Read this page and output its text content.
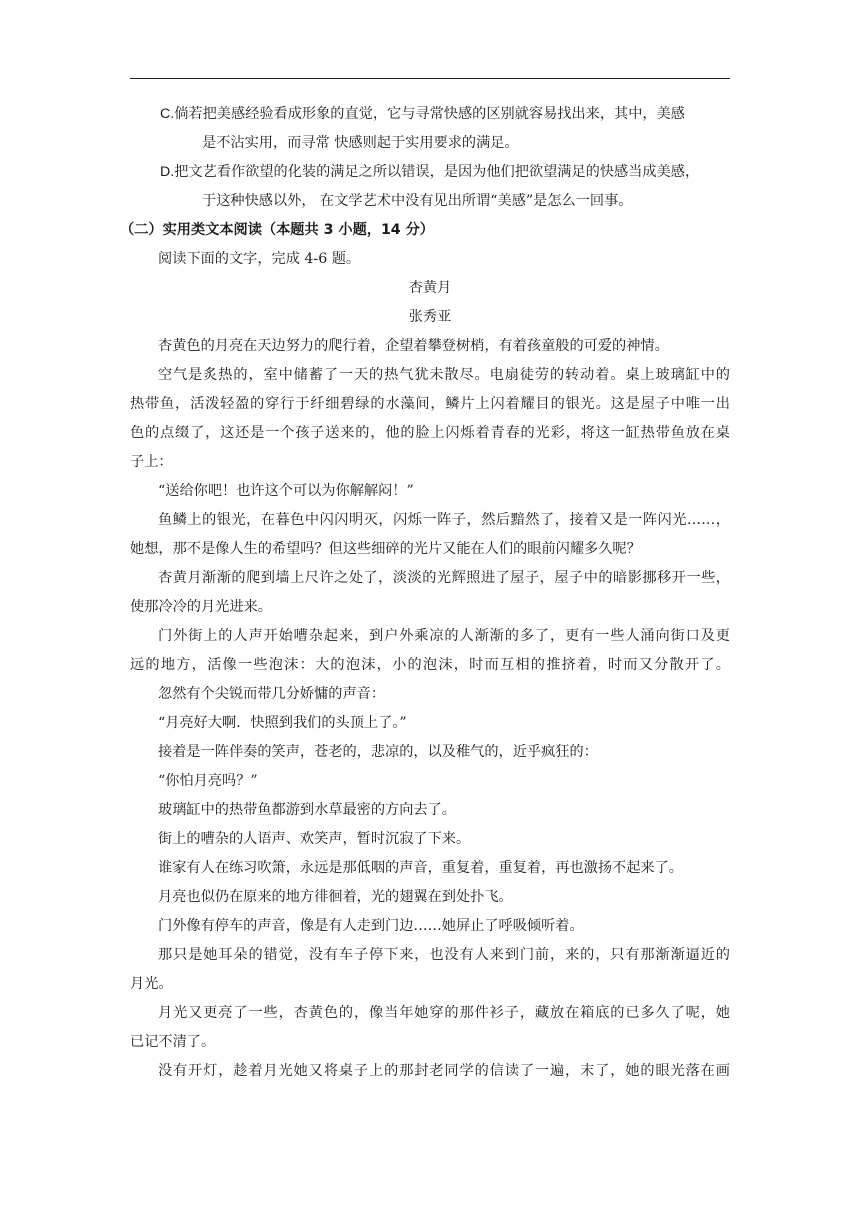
C.倘若把美感经验看成形象的直觉，它与寻常快感的区别就容易找出来，其中，美感
是不沾实用，而寻常 快感则起于实用要求的满足。
D.把文艺看作欲望的化装的满足之所以错误，是因为他们把欲望满足的快感当成美感，
于这种快感以外， 在文学艺术中没有见出所谓“美感”是怎么一回事。
（二）实用类文本阅读（本题共 3 小题，14 分）
阅读下面的文字，完成 4-6 题。
杏黄月
张秀亚
杏黄色的月亮在天边努力的爬行着，企望着攀登树梢，有着孩童般的可爱的神情。
空气是炙热的，室中储蓄了一天的热气犹未散尽。电扇徒劳的转动着。桌上玻璃缸中的
热带鱼，活泼轻盈的穿行于纤细碧绿的水藻间，鳞片上闪着耀目的银光。这是屋子中唯一出
色的点缀了，这还是一个孩子送来的，他的脸上闪烁着青春的光彩，将这一缸热带鱼放在桌
子上：
“送给你吧！也许这个可以为你解解闷！”
鱼鳞上的银光，在暮色中闪闪明灭，闪烁一阵子，然后黯然了，接着又是一阵闪光……，
她想，那不是像人生的希望吗？但这些细碎的光片又能在人们的眼前闪耀多久呢？
杏黄月渐渐的爬到墙上尺许之处了，淡淡的光辉照进了屋子，屋子中的暗影挪移开一些，
使那冷冷的月光进来。
门外街上的人声开始嘈杂起来，到户外乘凉的人渐渐的多了，更有一些人涌向街口及更
远的地方，活像一些泡沫：大的泡沫，小的泡沫，时而互相的推挤着，时而又分散开了。
忽然有个尖锐而带几分娇慵的声音：
“月亮好大啊．快照到我们的头顶上了。”
接着是一阵伴奏的笑声，苍老的，悲凉的，以及稚气的，近乎疯狂的：
“你怕月亮吗？”
玻璃缸中的热带鱼都游到水草最密的方向去了。
街上的嘈杂的人语声、欢笑声，暂时沉寂了下来。
谁家有人在练习吹箫，永远是那低咽的声音，重复着，重复着，再也激扬不起来了。
月亮也似仍在原来的地方徘徊着，光的翅翼在到处扑飞。
门外像有停车的声音，像是有人走到门边……她屏止了呼吸倾听着。
那只是她耳朵的错觉，没有车子停下来，也没有人来到门前，来的，只有那渐渐逼近的
月光。
月光又更亮了一些，杏黄色的，像当年她穿的那件衫子，藏放在箱底的已多久了呢，她
已记不清了。
没有开灯，趁着月光她又将桌子上的那封老同学的信读了一遍，末了，她的眼光落在画
